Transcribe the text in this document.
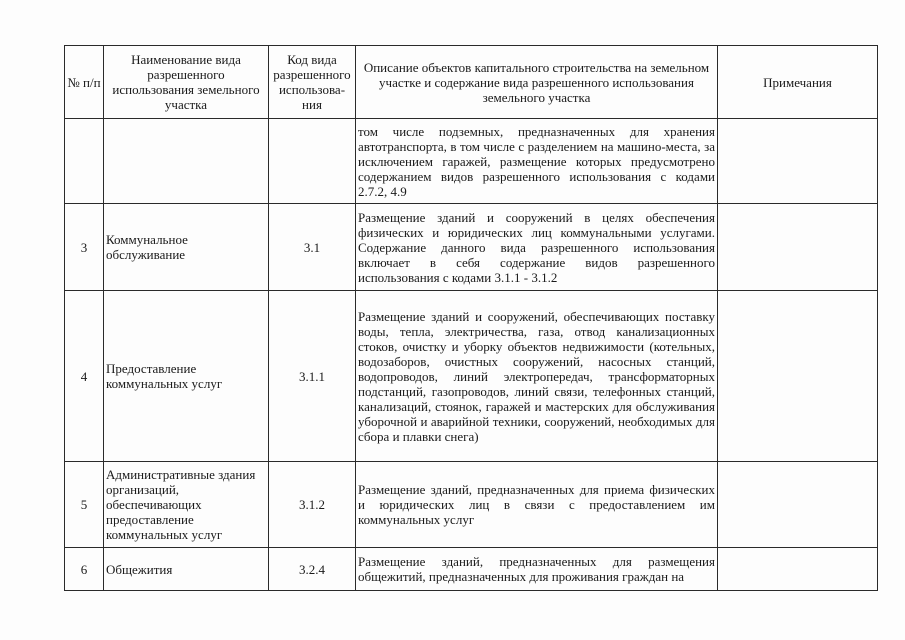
№ п/п	Наименование вида разрешенного использования земельного участка	Код вида разрешенного использова-ния	Описание объектов капитального строительства на земельном участке и содержание вида разрешенного использования земельного участка	Примечания
			том числе подземных, предназначенных для хранения автотранспорта, в том числе с разделением на машино-места, за исключением гаражей, размещение которых предусмотрено содержанием видов разрешенного использования с кодами 2.7.2, 4.9	
3	Коммунальное обслуживание	3.1	Размещение зданий и сооружений в целях обеспечения физических и юридических лиц коммунальными услугами. Содержание данного вида разрешенного использования включает в себя содержание видов разрешенного использования с кодами 3.1.1 - 3.1.2	
4	Предоставление коммунальных услуг	3.1.1	Размещение зданий и сооружений, обеспечивающих поставку воды, тепла, электричества, газа, отвод канализационных стоков, очистку и уборку объектов недвижимости (котельных, водозаборов, очистных сооружений, насосных станций, водопроводов, линий электропередач, трансформаторных подстанций, газопроводов, линий связи, телефонных станций, канализаций, стоянок, гаражей и мастерских для обслуживания уборочной и аварийной техники, сооружений, необходимых для сбора и плавки снега)	
5	Административные здания организаций, обеспечивающих предоставление коммунальных услуг	3.1.2	Размещение зданий, предназначенных для приема физических и юридических лиц в связи с предоставлением им коммунальных услуг	
6	Общежития	3.2.4	Размещение зданий, предназначенных для размещения общежитий, предназначенных для проживания граждан на	
